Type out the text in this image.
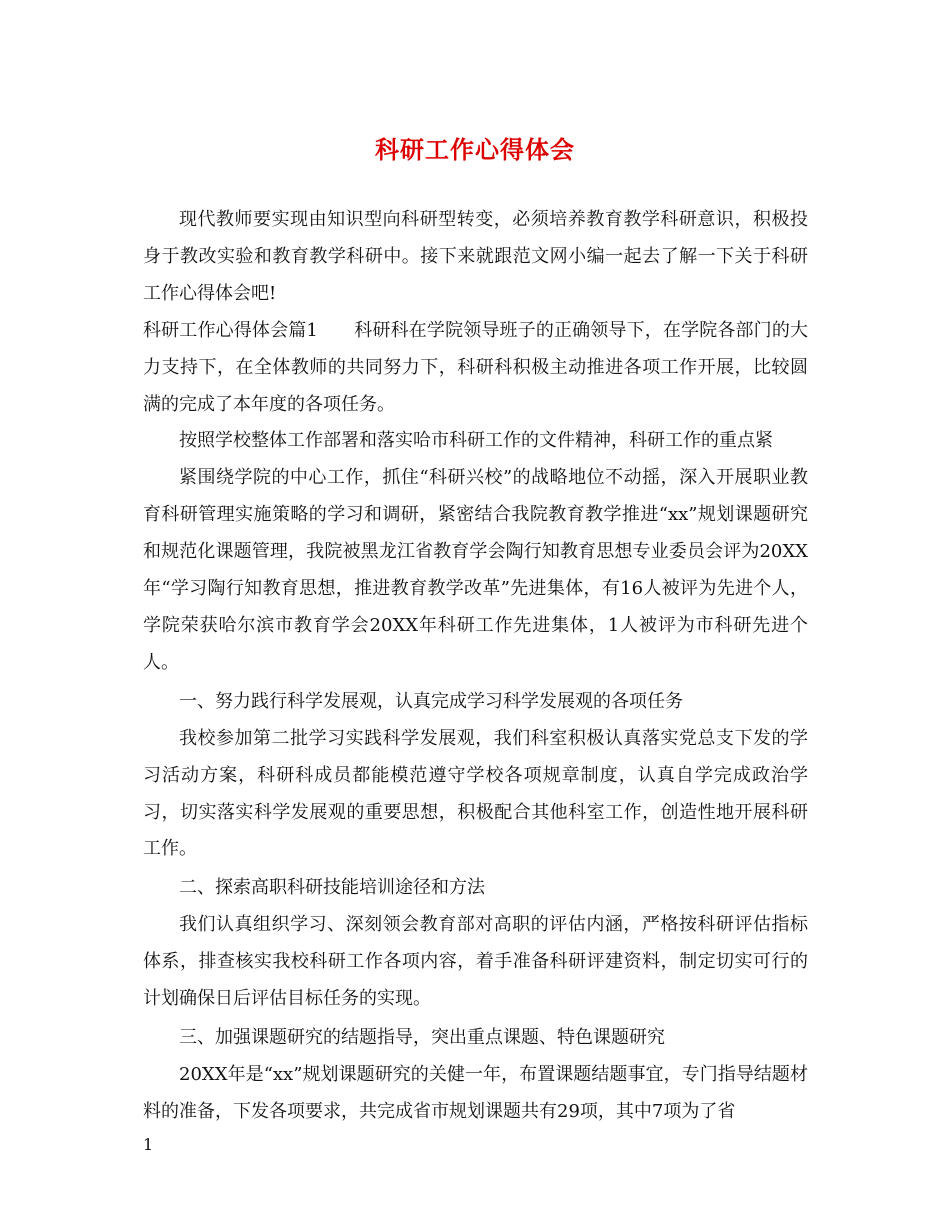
科研工作心得体会

现代教师要实现由知识型向科研型转变，必须培养教育教学科研意识，积极投身于教改实验和教育教学科研中。接下来就跟范文网小编一起去了解一下关于科研工作心得体会吧!

科研工作心得体会篇1　　科研科在学院领导班子的正确领导下，在学院各部门的大力支持下，在全体教师的共同努力下，科研科积极主动推进各项工作开展，比较圆满的完成了本年度的各项任务。

按照学校整体工作部署和落实哈市科研工作的文件精神，科研工作的重点紧

紧围绕学院的中心工作，抓住“科研兴校”的战略地位不动摇，深入开展职业教育科研管理实施策略的学习和调研，紧密结合我院教育教学推进“xx”规划课题研究和规范化课题管理，我院被黑龙江省教育学会陶行知教育思想专业委员会评为20XX年“学习陶行知教育思想，推进教育教学改革”先进集体，有16人被评为先进个人，学院荣获哈尔滨市教育学会20XX年科研工作先进集体，1人被评为市科研先进个人。

一、努力践行科学发展观，认真完成学习科学发展观的各项任务

我校参加第二批学习实践科学发展观，我们科室积极认真落实党总支下发的学习活动方案，科研科成员都能模范遵守学校各项规章制度，认真自学完成政治学习，切实落实科学发展观的重要思想，积极配合其他科室工作，创造性地开展科研工作。

二、探索高职科研技能培训途径和方法

我们认真组织学习、深刻领会教育部对高职的评估内涵，严格按科研评估指标体系，排查核实我校科研工作各项内容，着手准备科研评建资料，制定切实可行的计划确保日后评估目标任务的实现。

三、加强课题研究的结题指导，突出重点课题、特色课题研究

20XX年是“xx”规划课题研究的关健一年，布置课题结题事宜，专门指导结题材料的准备，下发各项要求，共完成省市规划课题共有29项，其中7项为了省

1
